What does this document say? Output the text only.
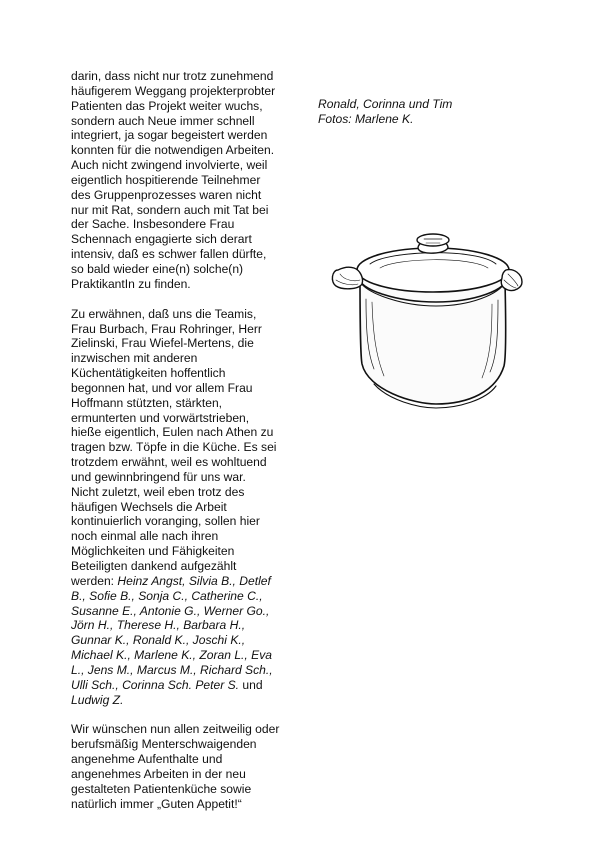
darin, dass nicht nur trotz zunehmend
häufigerem Weggang projekterprobter
Patienten das Projekt weiter wuchs,
sondern auch Neue immer schnell
integriert, ja sogar begeistert werden
konnten für die notwendigen Arbeiten.
Auch nicht zwingend involvierte, weil
eigentlich hospitierende Teilnehmer
des Gruppenprozesses waren nicht
nur mit Rat, sondern auch mit Tat bei
der Sache. Insbesondere Frau
Schennach engagierte sich derart
intensiv, daß es schwer fallen dürfte,
so bald wieder eine(n) solche(n)
PraktikantIn zu finden.

Zu erwähnen, daß uns die Teamis,
Frau Burbach, Frau Rohringer, Herr
Zielinski, Frau Wiefel-Mertens, die
inzwischen mit anderen
Küchentätigkeiten hoffentlich
begonnen hat, und vor allem Frau
Hoffmann stützten, stärkten,
ermunterten und vorwärtstrieben,
hieße eigentlich, Eulen nach Athen zu
tragen bzw. Töpfe in die Küche. Es sei
trotzdem erwähnt, weil es wohltuend
und gewinnbringend für uns war.
Nicht zuletzt, weil eben trotz des
häufigen Wechsels die Arbeit
kontinuierlich voranging, sollen hier
noch einmal alle nach ihren
Möglichkeiten und Fähigkeiten
Beteiligten dankend aufgezählt
werden: Heinz Angst, Silvia B., Detlef
B., Sofie B., Sonja C., Catherine C.,
Susanne E., Antonie G., Werner Go.,
Jörn H., Therese H., Barbara H.,
Gunnar K., Ronald K., Joschi K.,
Michael K., Marlene K., Zoran L., Eva
L., Jens M., Marcus M., Richard Sch.,
Ulli Sch., Corinna Sch. Peter S. und
Ludwig Z.

Wir wünschen nun allen zeitweilig oder
berufsmäßig Menterschwaigenden
angenehme Aufenthalte und
angenehmes Arbeiten in der neu
gestalteten Patientenküche sowie
natürlich immer „Guten Appetit!“

Ronald, Corinna und Tim
Fotos: Marlene K.
